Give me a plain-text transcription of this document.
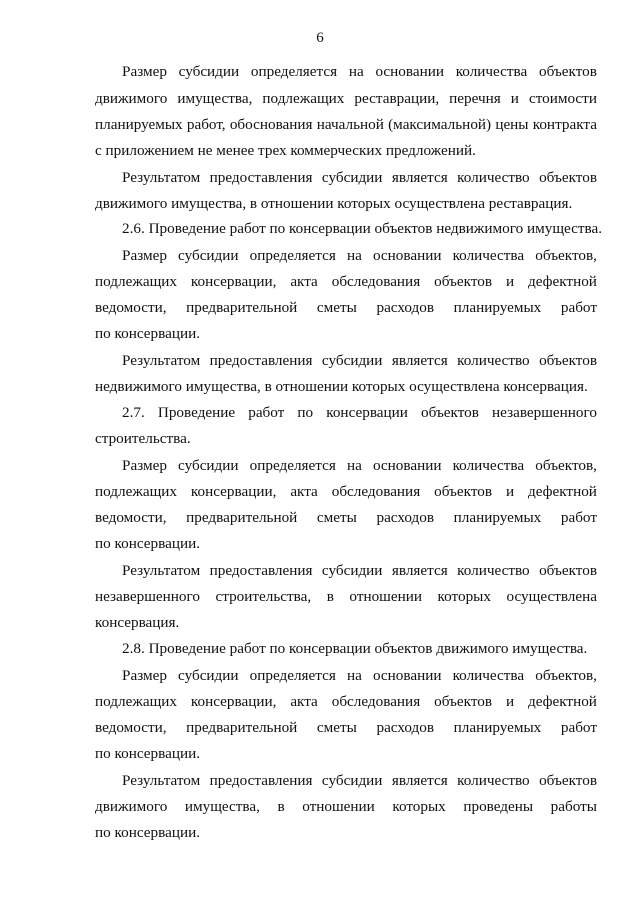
6
Размер субсидии определяется на основании количества объектов
движимого имущества, подлежащих реставрации, перечня и стоимости
планируемых работ, обоснования начальной (максимальной) цены контракта
с приложением не менее трех коммерческих предложений.
Результатом предоставления субсидии является количество объектов
движимого имущества, в отношении которых осуществлена реставрация.
2.6. Проведение работ по консервации объектов недвижимого имущества.
Размер субсидии определяется на основании количества объектов,
подлежащих консервации, акта обследования объектов и дефектной
ведомости, предварительной сметы расходов планируемых работ
по консервации.
Результатом предоставления субсидии является количество объектов
недвижимого имущества, в отношении которых осуществлена консервация.
2.7. Проведение работ по консервации объектов незавершенного
строительства.
Размер субсидии определяется на основании количества объектов,
подлежащих консервации, акта обследования объектов и дефектной
ведомости, предварительной сметы расходов планируемых работ
по консервации.
Результатом предоставления субсидии является количество объектов
незавершенного строительства, в отношении которых осуществлена
консервация.
2.8. Проведение работ по консервации объектов движимого имущества.
Размер субсидии определяется на основании количества объектов,
подлежащих консервации, акта обследования объектов и дефектной
ведомости, предварительной сметы расходов планируемых работ
по консервации.
Результатом предоставления субсидии является количество объектов
движимого имущества, в отношении которых проведены работы
по консервации.
